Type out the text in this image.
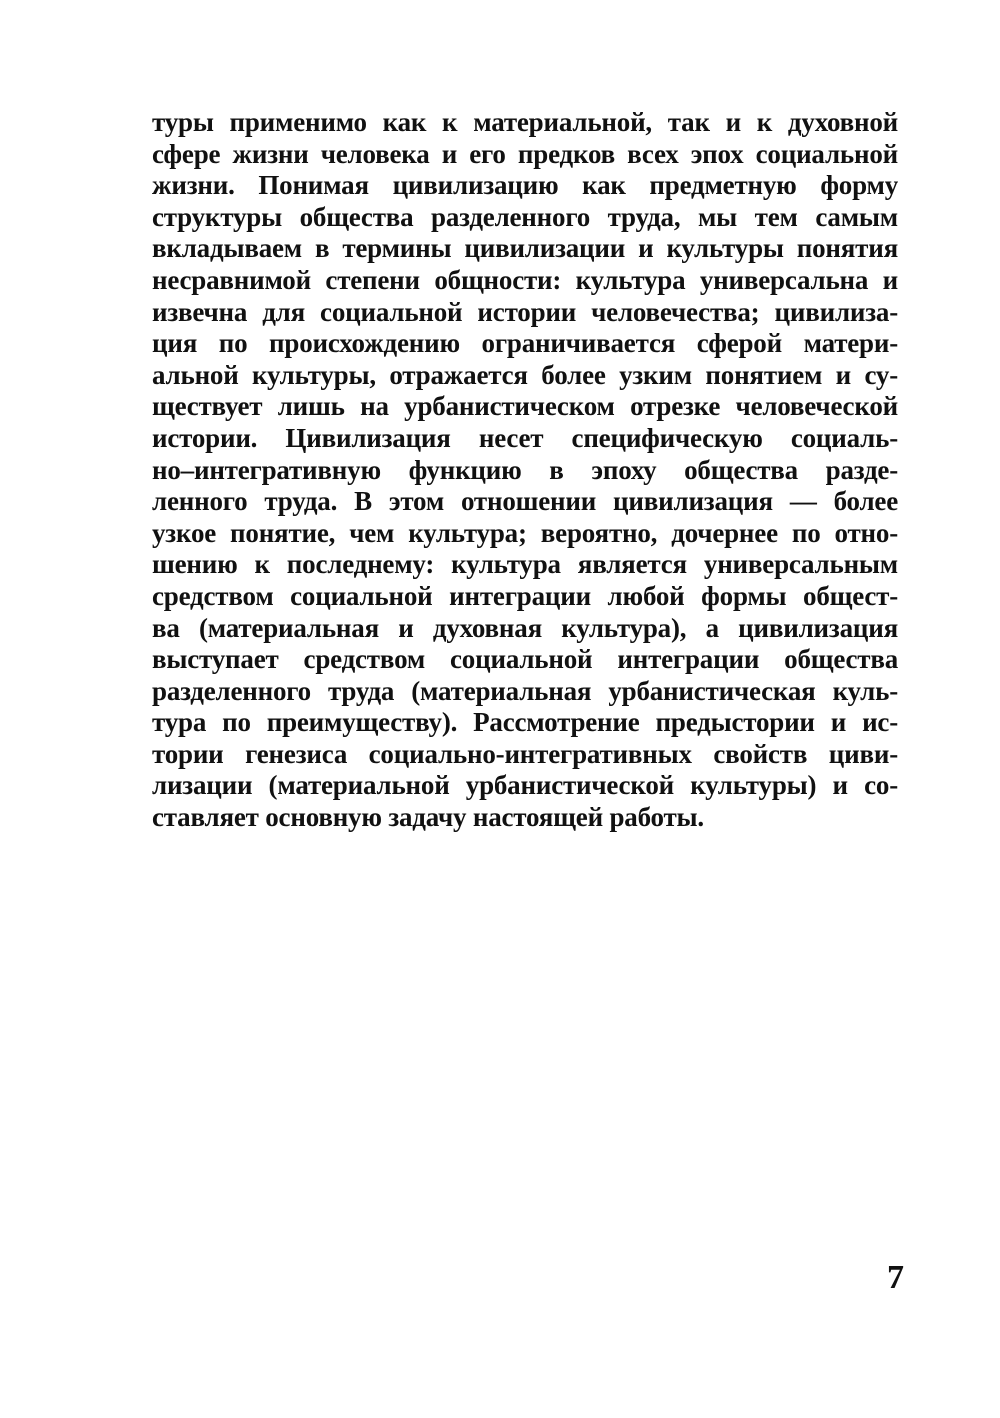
туры применимо как к материальной, так и к духовной
сфере жизни человека и его предков всех эпох социальной
жизни. Понимая цивилизацию как предметную форму
структуры общества разделенного труда, мы тем самым
вкладываем в термины цивилизации и культуры понятия
несравнимой степени общности: культура универсальна и
извечна для социальной истории человечества; цивилиза-
ция по происхождению ограничивается сферой матери-
альной культуры, отражается более узким понятием и су-
ществует лишь на урбанистическом отрезке человеческой
истории. Цивилизация несет специфическую социаль-
но–интегративную функцию в эпоху общества разде-
ленного труда. В этом отношении цивилизация — более
узкое понятие, чем культура; вероятно, дочернее по отно-
шению к последнему: культура является универсальным
средством социальной интеграции любой формы общест-
ва (материальная и духовная культура), а цивилизация
выступает средством социальной интеграции общества
разделенного труда (материальная урбанистическая куль-
тура по преимуществу). Рассмотрение предыстории и ис-
тории генезиса социально-интегративных свойств циви-
лизации (материальной урбанистической культуры) и со-
ставляет основную задачу настоящей работы.
7
